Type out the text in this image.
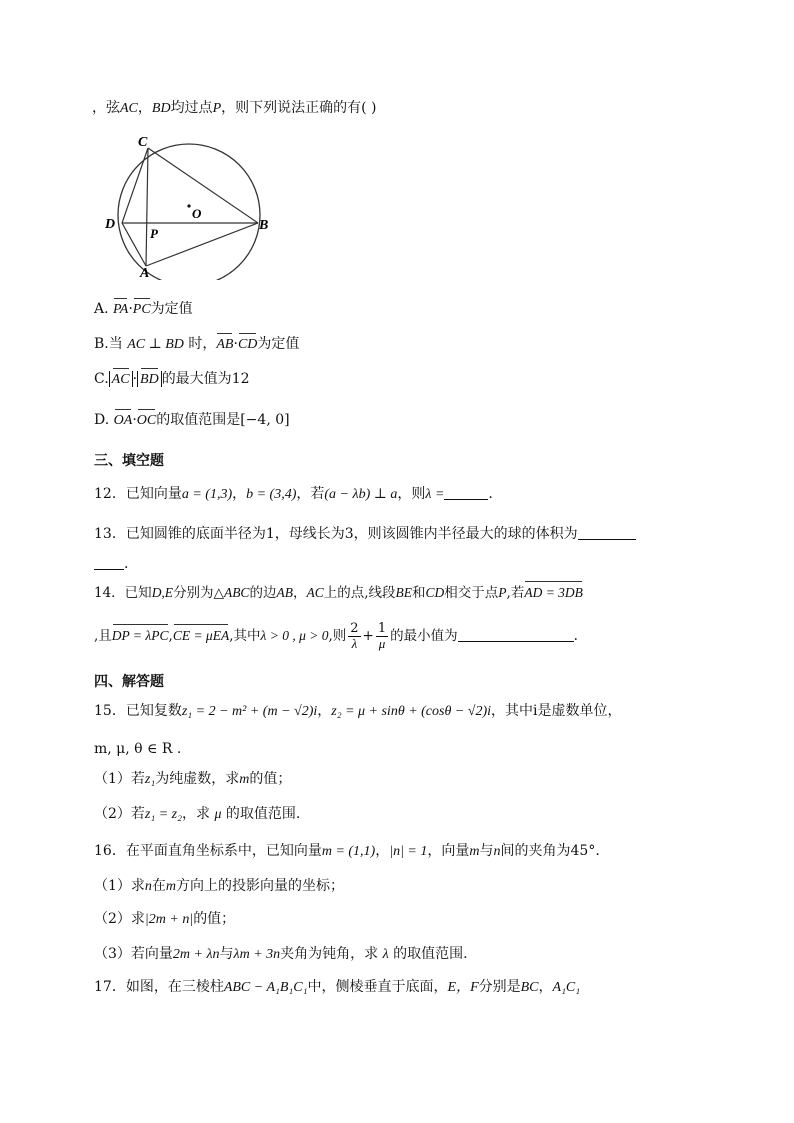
，弦AC，BD均过点P，则下列说法正确的有( )
C
D
A
B
O
P
A. PA·PC为定值
B.当 AC ⊥ BD 时，AB·CD为定值
C. AC · BD 的最大值为12
D. OA·OC的取值范围是[−4, 0]
三、填空题
12．已知向量a = (1,3)，b = (3,4)，若(a − λb) ⊥ a，则λ =	.
13．已知圆锥的底面半径为1，母线长为3，则该圆锥内半径最大的球的体积为
.
14．已知D,E分别为△ABC的边AB，AC上的点,线段BE和CD相交于点P,若AD = 3DB
,且DP = λPC,CE = μEA,其中λ > 0 , μ > 0,则 $\frac{2}{\lambda} + \frac{1}{\mu}$ 的最小值为	.
四、解答题
15．已知复数z₁ = 2 − m² + (m − √2)i，z₂ = μ + sinθ + (cosθ − √2)i，其中i是虚数单位，
m, μ, θ ∈ R .
（1）若z₁为纯虚数，求m的值；
（2）若z₁ = z₂，求 μ 的取值范围.
16．在平面直角坐标系中，已知向量m = (1,1)，|n| = 1，向量m与n间的夹角为45°.
（1）求n在m方向上的投影向量的坐标；
（2）求|2m + n|的值；
（3）若向量2m + λn与λm + 3n夹角为钝角，求 λ 的取值范围.
17．如图，在三棱柱ABC − A₁B₁C₁中，侧棱垂直于底面，E，F分别是BC，A₁C₁
